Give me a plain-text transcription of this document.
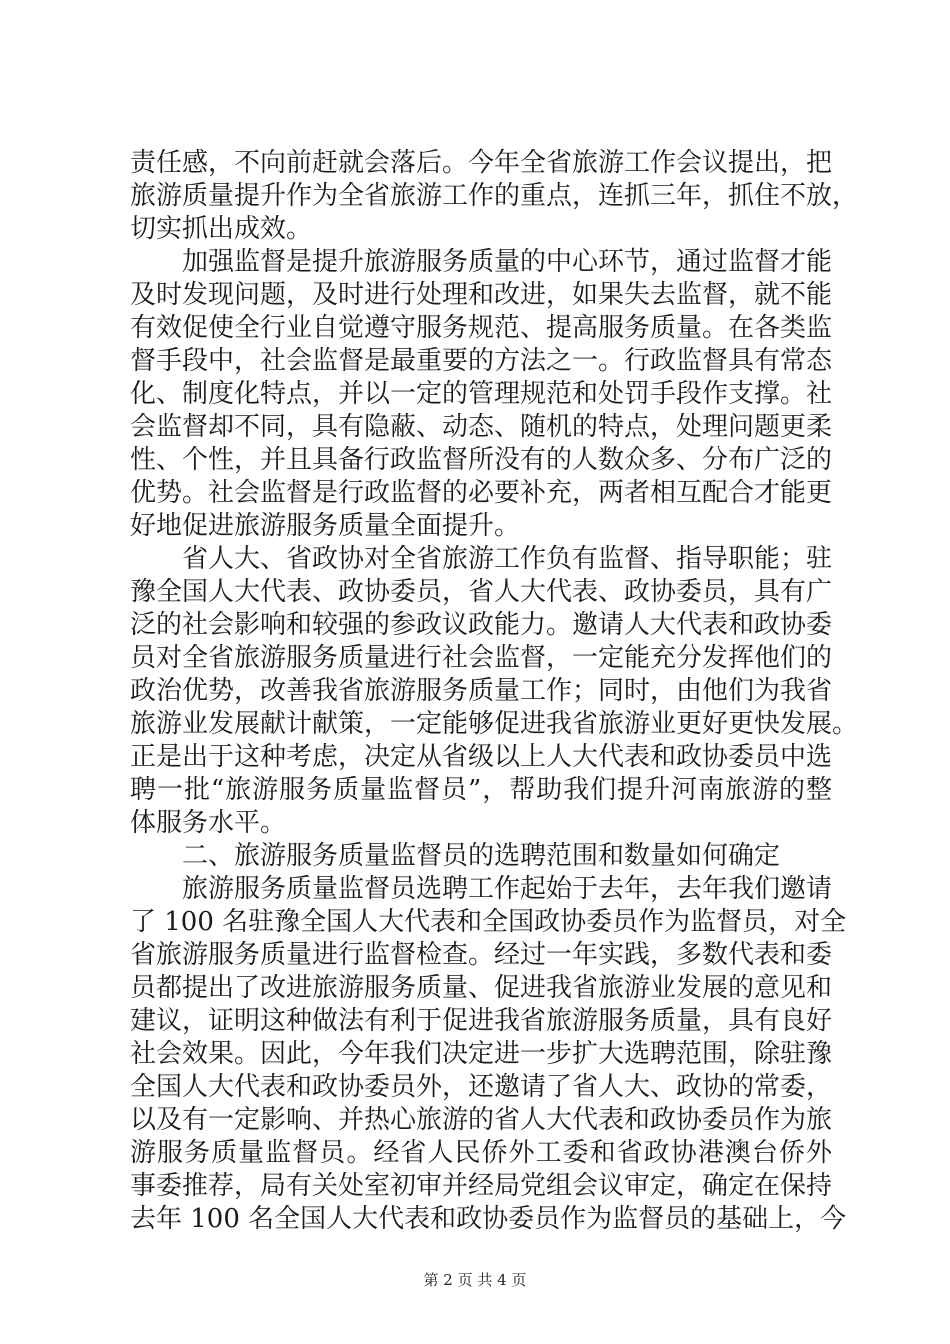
责任感，不向前赶就会落后。今年全省旅游工作会议提出，把
旅游质量提升作为全省旅游工作的重点，连抓三年，抓住不放，
切实抓出成效。
加强监督是提升旅游服务质量的中心环节，通过监督才能
及时发现问题，及时进行处理和改进，如果失去监督，就不能
有效促使全行业自觉遵守服务规范、提高服务质量。在各类监
督手段中，社会监督是最重要的方法之一。行政监督具有常态
化、制度化特点，并以一定的管理规范和处罚手段作支撑。社
会监督却不同，具有隐蔽、动态、随机的特点，处理问题更柔
性、个性，并且具备行政监督所没有的人数众多、分布广泛的
优势。社会监督是行政监督的必要补充，两者相互配合才能更
好地促进旅游服务质量全面提升。
省人大、省政协对全省旅游工作负有监督、指导职能；驻
豫全国人大代表、政协委员，省人大代表、政协委员，具有广
泛的社会影响和较强的参政议政能力。邀请人大代表和政协委
员对全省旅游服务质量进行社会监督，一定能充分发挥他们的
政治优势，改善我省旅游服务质量工作；同时，由他们为我省
旅游业发展献计献策，一定能够促进我省旅游业更好更快发展。
正是出于这种考虑，决定从省级以上人大代表和政协委员中选
聘一批“旅游服务质量监督员”，帮助我们提升河南旅游的整
体服务水平。
二、旅游服务质量监督员的选聘范围和数量如何确定
旅游服务质量监督员选聘工作起始于去年，去年我们邀请
了 100 名驻豫全国人大代表和全国政协委员作为监督员，对全
省旅游服务质量进行监督检查。经过一年实践，多数代表和委
员都提出了改进旅游服务质量、促进我省旅游业发展的意见和
建议，证明这种做法有利于促进我省旅游服务质量，具有良好
社会效果。因此，今年我们决定进一步扩大选聘范围，除驻豫
全国人大代表和政协委员外，还邀请了省人大、政协的常委，
以及有一定影响、并热心旅游的省人大代表和政协委员作为旅
游服务质量监督员。经省人民侨外工委和省政协港澳台侨外
事委推荐，局有关处室初审并经局党组会议审定，确定在保持
去年 100 名全国人大代表和政协委员作为监督员的基础上，今
第 2 页 共 4 页
